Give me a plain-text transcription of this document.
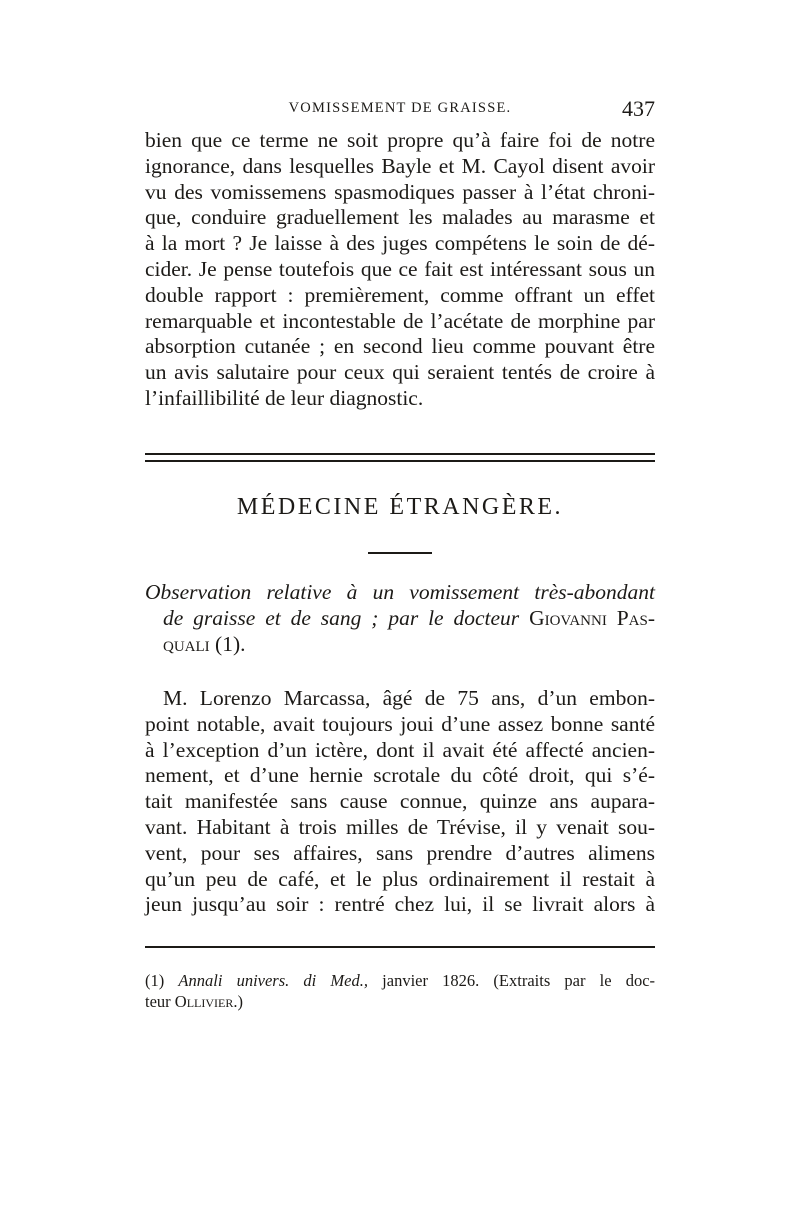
VOMISSEMENT DE GRAISSE.	437

bien que ce terme ne soit propre qu’à faire foi de notre
ignorance, dans lesquelles Bayle et M. Cayol disent avoir
vu des vomissemens spasmodiques passer à l’état chroni-
que, conduire graduellement les malades au marasme et
à la mort ? Je laisse à des juges compétens le soin de dé-
cider. Je pense toutefois que ce fait est intéressant sous un
double rapport : premièrement, comme offrant un effet
remarquable et incontestable de l’acétate de morphine par
absorption cutanée ; en second lieu comme pouvant être
un avis salutaire pour ceux qui seraient tentés de croire à
l’infaillibilité de leur diagnostic.

MÉDECINE ÉTRANGÈRE.

Observation relative à un vomissement très-abondant
de graisse et de sang ; par le docteur Giovanni Pas-
quali (1).

M. Lorenzo Marcassa, âgé de 75 ans, d’un embon-
point notable, avait toujours joui d’une assez bonne santé
à l’exception d’un ictère, dont il avait été affecté ancien-
nement, et d’une hernie scrotale du côté droit, qui s’é-
tait manifestée sans cause connue, quinze ans aupara-
vant. Habitant à trois milles de Trévise, il y venait sou-
vent, pour ses affaires, sans prendre d’autres alimens
qu’un peu de café, et le plus ordinairement il restait à
jeun jusqu’au soir : rentré chez lui, il se livrait alors à

(1) Annali univers. di Med., janvier 1826. (Extraits par le doc-
teur Ollivier.)
